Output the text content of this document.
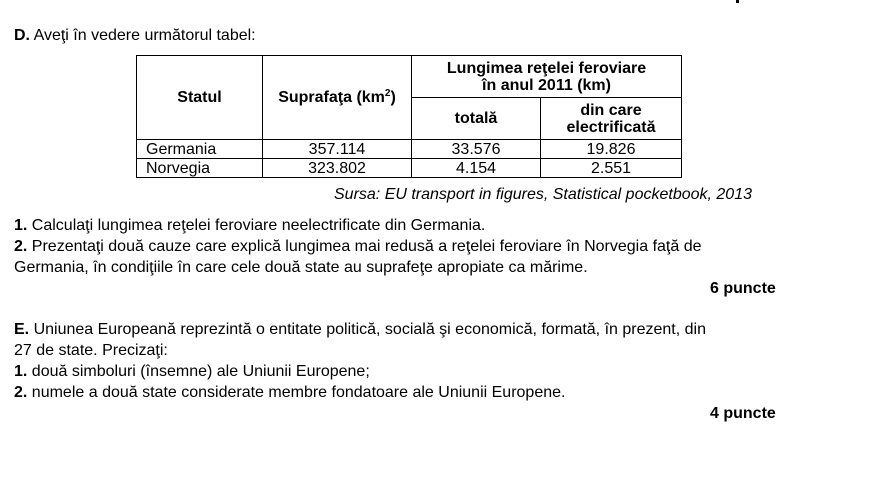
D. Aveţi în vedere următorul tabel:
Statul	Suprafaţa $(km^2)$	Lungimea reţelei feroviare
în anul 2011 (km)	

		totală	din care
electrificată

Germania	357.114	33.576	19.826
Norvegia	323.802	4.154	2.551
Sursa: EU transport in figures, Statistical pocketbook, 2013
1. Calculaţi lungimea reţelei feroviare neelectrificate din Germania.
2. Prezentaţi două cauze care explică lungimea mai redusă a reţelei feroviare în Norvegia faţă de
Germania, în condiţiile în care cele două state au suprafeţe apropiate ca mărime.
6 puncte
E. Uniunea Europeană reprezintă o entitate politică, socială şi economică, formată, în prezent, din
27 de state. Precizaţi:
1. două simboluri (însemne) ale Uniunii Europene;
2. numele a două state considerate membre fondatoare ale Uniunii Europene.
4 puncte
